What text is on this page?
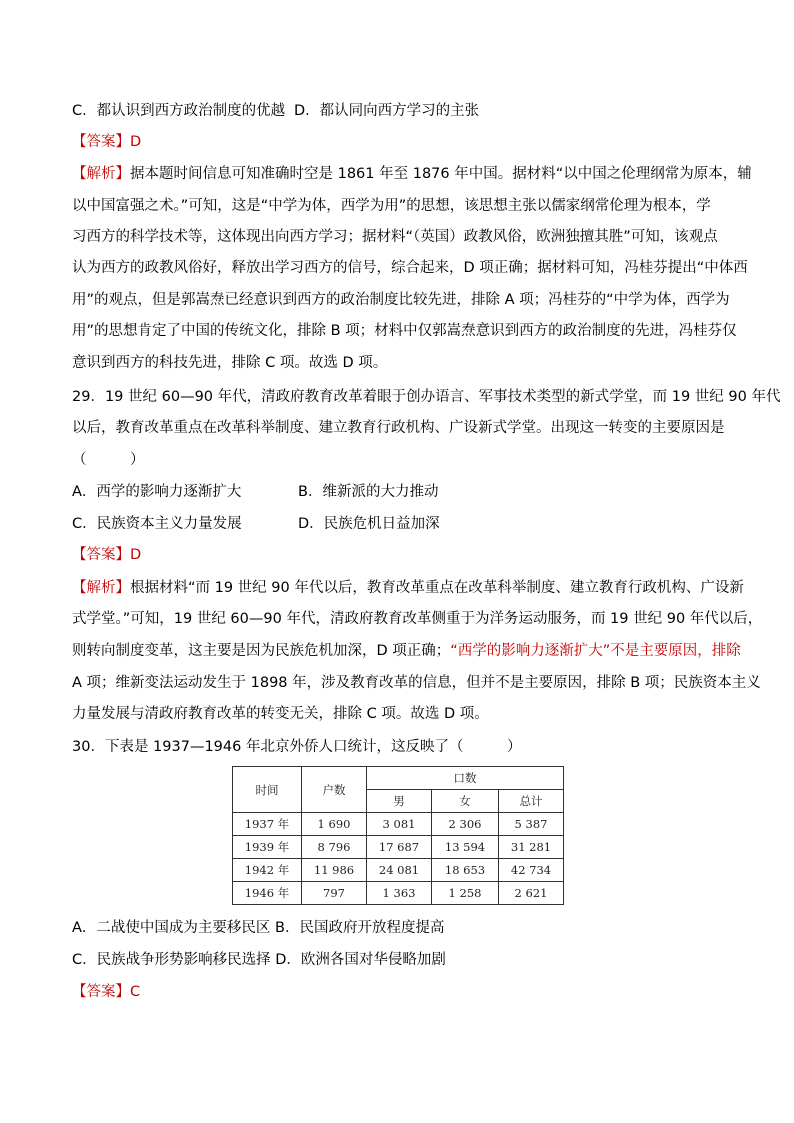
C．都认识到西方政治制度的优越 D．都认同向西方学习的主张
【答案】D
【解析】据本题时间信息可知准确时空是 1861 年至 1876 年中国。据材料“以中国之伦理纲常为原本，辅
以中国富强之术。”可知，这是“中学为体，西学为用”的思想，该思想主张以儒家纲常伦理为根本，学
习西方的科学技术等，这体现出向西方学习；据材料“（英国）政教风俗，欧洲独擅其胜”可知，该观点
认为西方的政教风俗好，释放出学习西方的信号，综合起来，D 项正确；据材料可知，冯桂芬提出“中体西
用”的观点，但是郭嵩焘已经意识到西方的政治制度比较先进，排除 A 项；冯桂芬的“中学为体，西学为
用”的思想肯定了中国的传统文化，排除 B 项；材料中仅郭嵩焘意识到西方的政治制度的先进，冯桂芬仅
意识到西方的科技先进，排除 C 项。故选 D 项。
29．19 世纪 60—90 年代，清政府教育改革着眼于创办语言、军事技术类型的新式学堂，而 19 世纪 90 年代
以后，教育改革重点在改革科举制度、建立教育行政机构、广设新式学堂。出现这一转变的主要原因是
（　　　）
A．西学的影响力逐渐扩大	B．维新派的大力推动
C．民族资本主义力量发展	D．民族危机日益加深
【答案】D
【解析】根据材料“而 19 世纪 90 年代以后，教育改革重点在改革科举制度、建立教育行政机构、广设新
式学堂。”可知，19 世纪 60—90 年代，清政府教育改革侧重于为洋务运动服务，而 19 世纪 90 年代以后，
则转向制度变革，这主要是因为民族危机加深，D 项正确；“西学的影响力逐渐扩大”不是主要原因，排除
A 项；维新变法运动发生于 1898 年，涉及教育改革的信息，但并不是主要原因，排除 B 项；民族资本主义
力量发展与清政府教育改革的转变无关，排除 C 项。故选 D 项。
30．下表是 1937—1946 年北京外侨人口统计，这反映了（　　　）
时间	户数	口数		
		男	女	总计
1937 年	1 690	3 081	2 306	5 387
1939 年	8 796	17 687	13 594	31 281
1942 年	11 986	24 081	18 653	42 734
1946 年	797	1 363	1 258	2 621
A．二战使中国成为主要移民区 B．民国政府开放程度提高
C．民族战争形势影响移民选择 D．欧洲各国对华侵略加剧
【答案】C
